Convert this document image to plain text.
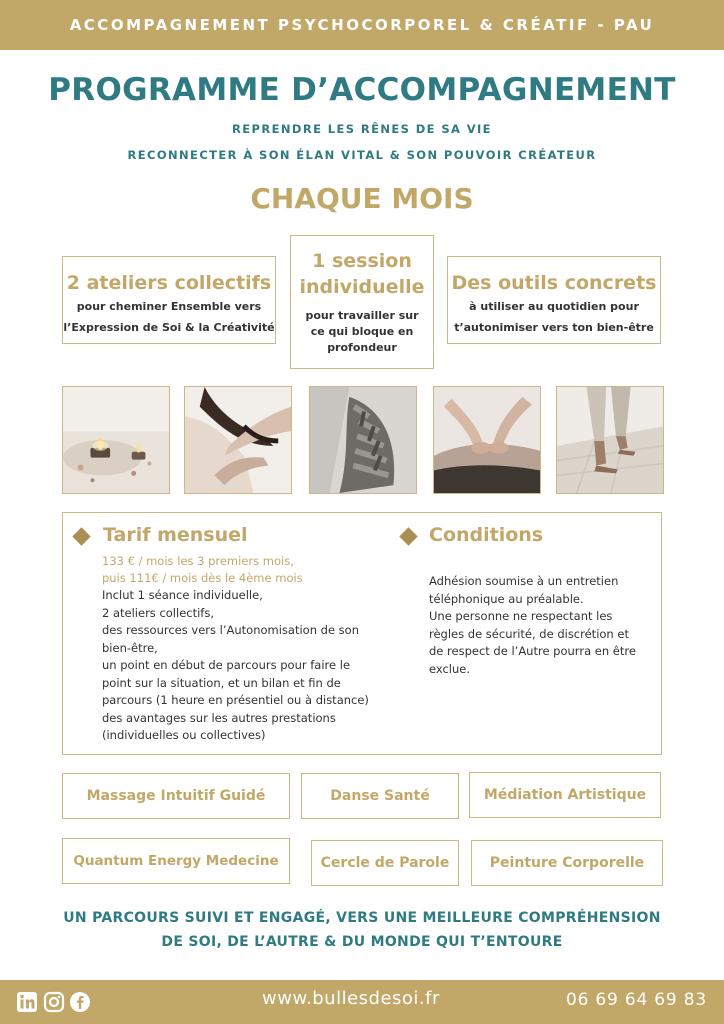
ACCOMPAGNEMENT PSYCHOCORPOREL & CRÉATIF - PAU
PROGRAMME D’ACCOMPAGNEMENT
REPRENDRE LES RÊNES DE SA VIE
RECONNECTER À SON ÉLAN VITAL & SON POUVOIR CRÉATEUR
CHAQUE MOIS
2 ateliers collectifs
pour cheminer Ensemble vers
l’Expression de Soi & la Créativité
1 session
individuelle
pour travailler sur
ce qui bloque en
profondeur
Des outils concrets
à utiliser au quotidien pour
t’autonimiser vers ton bien-être
Tarif mensuel
133 € / mois les 3 premiers mois,
puis 111€ / mois dès le 4ème mois
Inclut 1 séance individuelle,
2 ateliers collectifs,
des ressources vers l’Autonomisation de son
bien-être,
un point en début de parcours pour faire le
point sur la situation, et un bilan et fin de
parcours (1 heure en présentiel ou à distance)
des avantages sur les autres prestations
(individuelles ou collectives)
Conditions
Adhésion soumise à un entretien
téléphonique au préalable.
Une personne ne respectant les
règles de sécurité, de discrétion et
de respect de l’Autre pourra en être
exclue.
Massage Intuitif Guidé	Danse Santé	Médiation Artistique
Quantum Energy Medecine	Cercle de Parole	Peinture Corporelle
UN PARCOURS SUIVI ET ENGAGÉ, VERS UNE MEILLEURE COMPRÉHENSION
DE SOI, DE L’AUTRE & DU MONDE QUI T’ENTOURE
www.bullesdesoi.fr	06 69 64 69 83
